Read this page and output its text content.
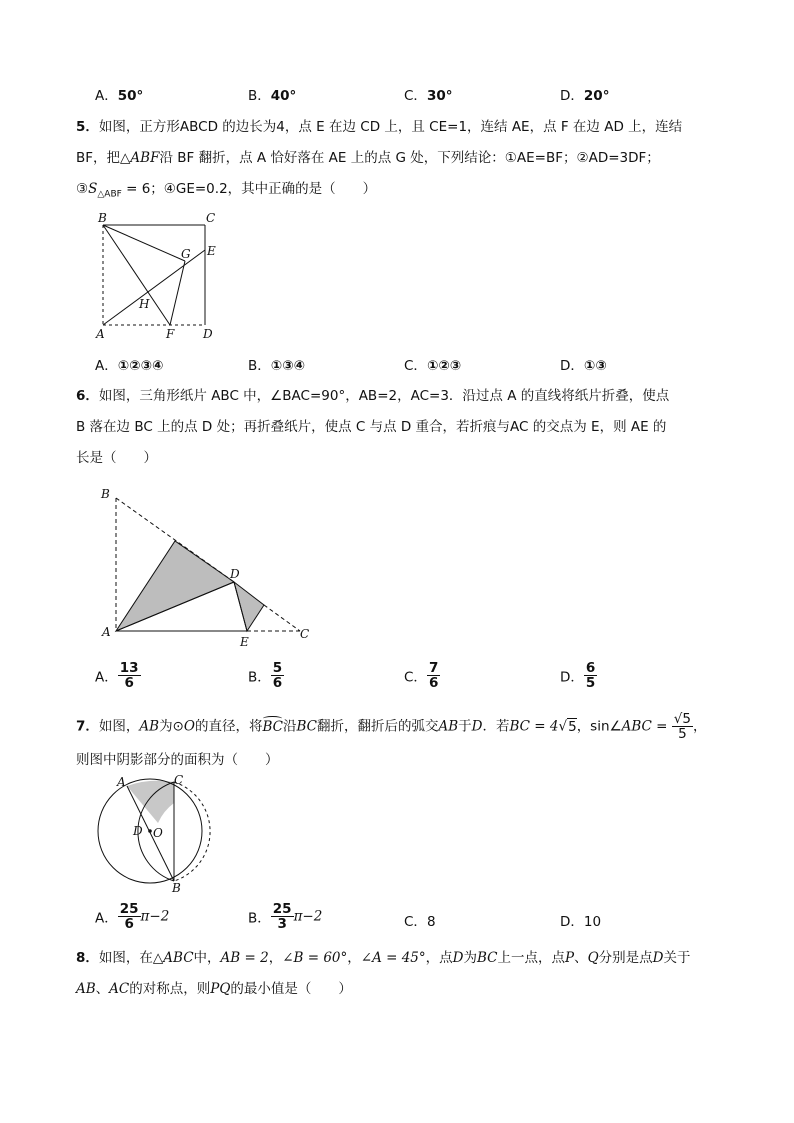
A．50°	B．40°	C．30°	D．20°
5．如图，正方形ABCD 的边长为4，点 E 在边 CD 上，且 CE=1，连结 AE，点 F 在边 AD 上，连结
BF，把△ABF沿 BF 翻折，点 A 恰好落在 AE 上的点 G 处，下列结论：①AE=BF；②AD=3DF；
$③S_{\triangle ABF} = 6$；④GE=0.2，其中正确的是（　　）
B	C
E
G
H
A	F D
A．①②③④	B．①③④	C．①②③	D．①③
6．如图，三角形纸片 ABC 中，∠BAC=90°，AB=2，AC=3．沿过点 A 的直线将纸片折叠，使点
B 落在边 BC 上的点 D 处；再折叠纸片，使点 C 与点 D 重合，若折痕与AC 的交点为 E，则 AE 的
长是（　　）
B
D
A
E
C
A． $\frac{13}{6}$	B． $\frac{5}{6}$	C． $\frac{7}{6}$	D． $\frac{6}{5}$
7．如图，AB为⊙O的直径，将BC
沿BC翻折，翻折后的弧交AB于D．若BC = 4√5，sin∠ABC = $\frac{√5}{5}$ ，
则图中阴影部分的面积为（　　）
A	C
D O
B
A． $\frac{25}{6} \pi-2$	B． $\frac{25}{3} \pi-2$	C．8	D．10
8．如图，在△ABC中，AB = 2，∠B = 60°，∠A = 45°，点D为BC上一点，点P、Q分别是点D关于
AB、AC的对称点，则PQ的最小值是（　　）
